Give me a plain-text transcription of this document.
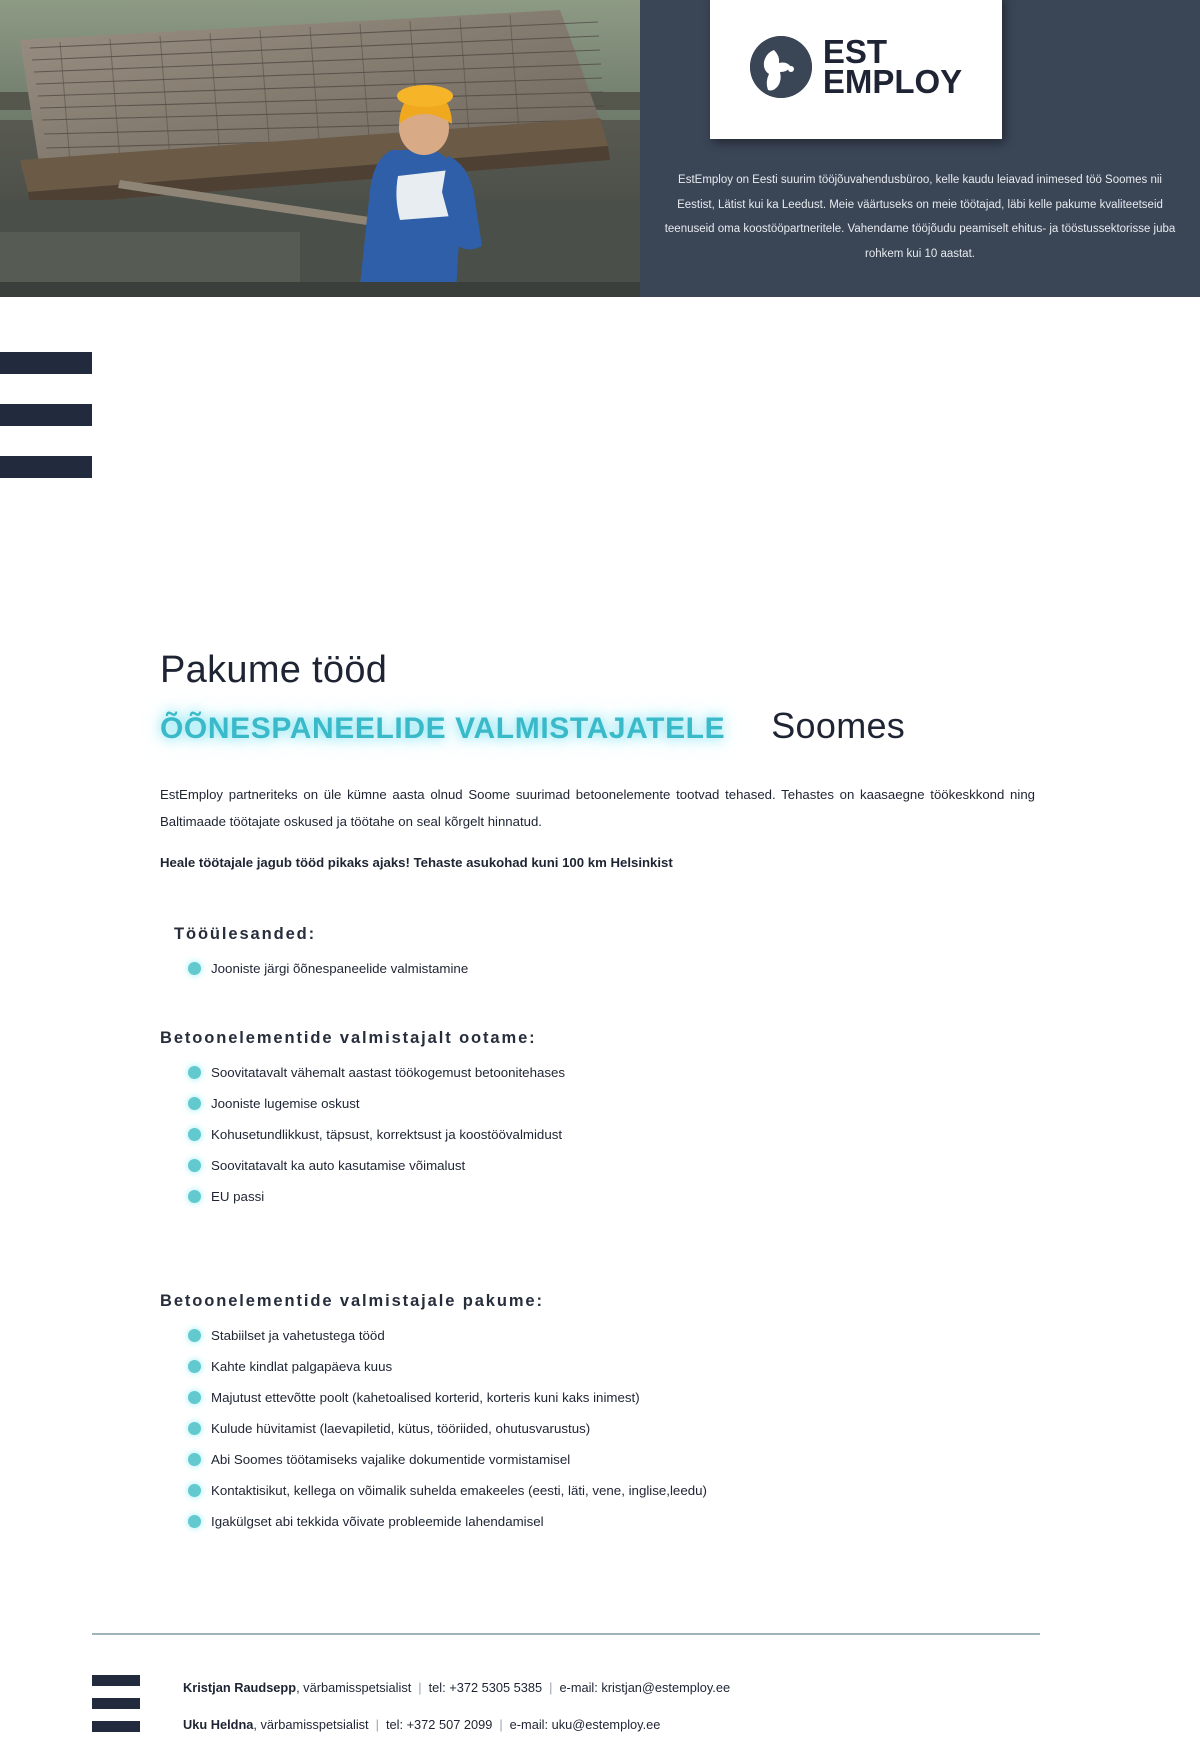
EST
EMPLOY
EstEmploy on Eesti suurim tööjõuvahendusbüroo, kelle kaudu leiavad inimesed töö Soomes nii Eestist, Lätist kui ka Leedust. Meie väärtuseks on meie töötajad, läbi kelle pakume kvaliteetseid teenuseid oma koostööpartneritele. Vahendame tööjõudu peamiselt ehitus- ja tööstussektorisse juba rohkem kui 10 aastat.
Pakume tööd
ÕÕNESPANEELIDE VALMISTAJATELE Soomes
EstEmploy partneriteks on üle kümne aasta olnud Soome suurimad betoonelemente tootvad tehased. Tehastes on kaasaegne töökeskkond ning Baltimaade töötajate oskused ja töötahe on seal kõrgelt hinnatud.
Heale töötajale jagub tööd pikaks ajaks! Tehaste asukohad kuni 100 km Helsinkist
Tööülesanded:
Jooniste järgi õõnespaneelide valmistamine
Betoonelementide valmistajalt ootame:
Soovitatavalt vähemalt aastast töökogemust betoonitehases
Jooniste lugemise oskust
Kohusetundlikkust, täpsust, korrektsust ja koostöövalmidust
Soovitatavalt ka auto kasutamise võimalust
EU passi
Betoonelementide valmistajale pakume:
Stabiilset ja vahetustega tööd
Kahte kindlat palgapäeva kuus
Majutust ettevõtte poolt (kahetoalised korterid, korteris kuni kaks inimest)
Kulude hüvitamist (laevapiletid, kütus, tööriided, ohutusvarustus)
Abi Soomes töötamiseks vajalike dokumentide vormistamisel
Kontaktisikut, kellega on võimalik suhelda emakeeles (eesti, läti, vene, inglise,leedu)
Igakülgset abi tekkida võivate probleemide lahendamisel
Kristjan Raudsepp, värbamisspetsialist | tel: +372 5305 5385 | e-mail: kristjan@estemploy.ee
Uku Heldna, värbamisspetsialist | tel: +372 507 2099 | e-mail: uku@estemploy.ee
